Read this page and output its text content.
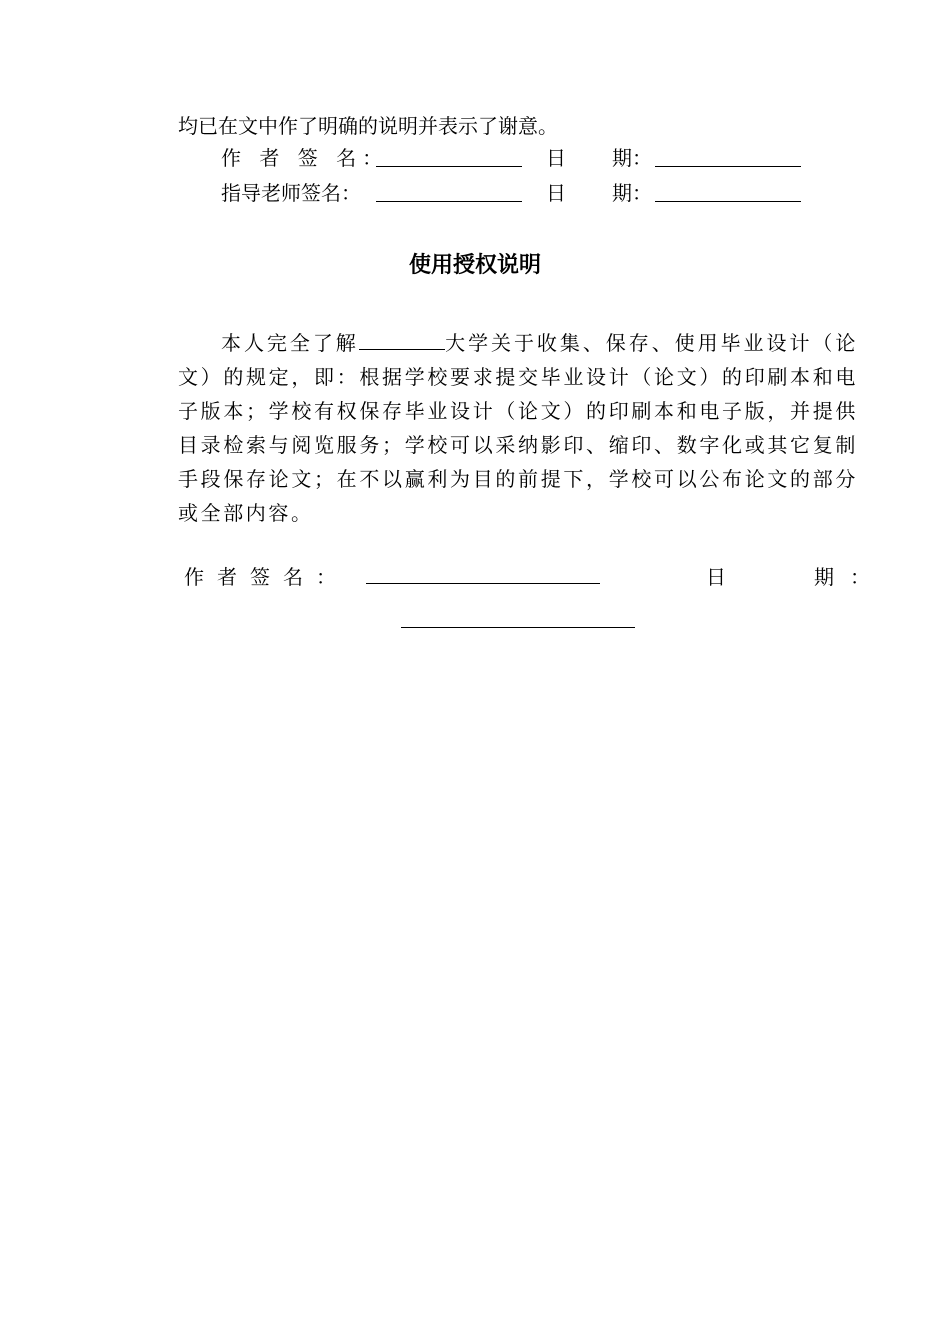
均已在文中作了明确的说明并表示了谢意。
作 者 签 名：	日 期：
指导老师签名：	日 期：
使用授权说明
本人完全了解	大学关于收集、保存、使用毕业设计（论文）的规定，即：根据学校要求提交毕业设计（论文）的印刷本和电子版本；学校有权保存毕业设计（论文）的印刷本和电子版，并提供目录检索与阅览服务；学校可以采纳影印、缩印、数字化或其它复制手段保存论文；在不以赢利为目的前提下，学校可以公布论文的部分或全部内容。
作者签名：	日	期 ：
